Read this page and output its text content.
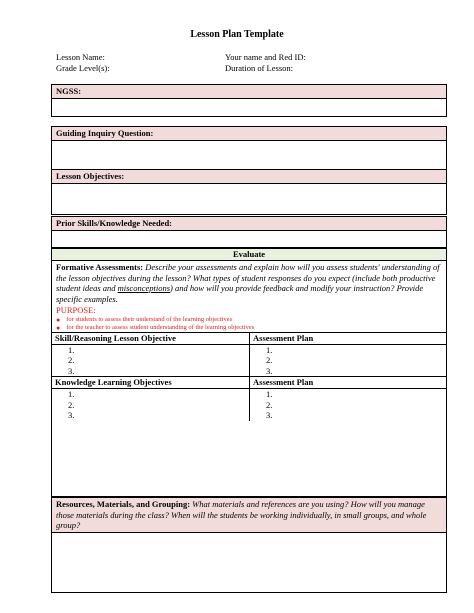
Lesson Plan Template
Lesson Name:
Grade Level(s):
Your name and Red ID:
Duration of Lesson:
NGSS:
Guiding Inquiry Question:
Lesson Objectives:
Prior Skills/Knowledge Needed:
Evaluate
Formative Assessments: Describe your assessments and explain how will you assess students' understanding of the lesson objectives during the lesson? What types of student responses do you expect (include both productive student ideas and misconceptions) and how will you provide feedback and modify your instruction? Provide specific examples.
PURPOSE:
● for students to assess their understand of the learning objectives
● for the teacher to assess student understanding of the learning objectives
Skill/Reasoning Lesson Objective
1.
2.
3.
Assessment Plan
1.
2.
3.
Knowledge Learning Objectives
1.
2.
3.
Assessment Plan
1.
2.
3.
Resources, Materials, and Grouping: What materials and references are you using? How will you manage those materials during the class? When will the students be working individually, in small groups, and whole group?
